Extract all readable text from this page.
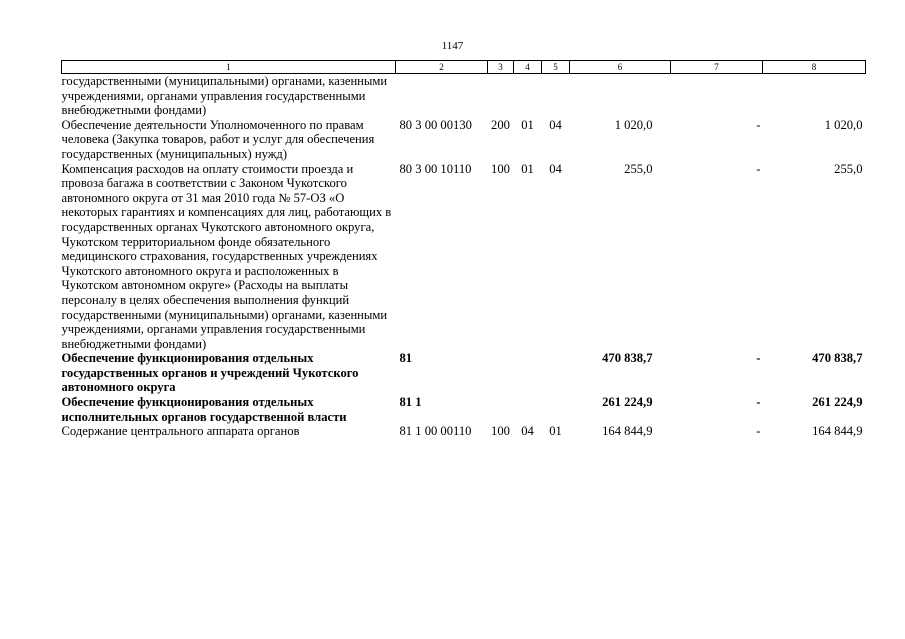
1147
1	2	3	4	5	6	7	8
государственными (муниципальными) органами, казенными учреждениями, органами управления государственными внебюджетными фондами)							
Обеспечение деятельности Уполномоченного по правам человека (Закупка товаров, работ и услуг для обеспечения государственных (муниципальных) нужд)	80 3 00 00130	200	01	04	1 020,0	-	1 020,0
Компенсация расходов на оплату стоимости проезда и провоза багажа в соответствии с Законом Чукотского автономного округа от 31 мая 2010 года № 57-ОЗ «О некоторых гарантиях и компенсациях для лиц, работающих в государственных органах Чукотского автономного округа, Чукотском территориальном фонде обязательного медицинского страхования, государственных учреждениях Чукотского автономного округа и расположенных в Чукотском автономном округе» (Расходы на выплаты персоналу в целях обеспечения выполнения функций государственными (муниципальными) органами, казенными учреждениями, органами управления государственными внебюджетными фондами)	80 3 00 10110	100	01	04	255,0	-	255,0
Обеспечение функционирования отдельных государственных органов и учреждений Чукотского автономного округа	81				470 838,7	-	470 838,7
Обеспечение функционирования отдельных исполнительных органов государственной власти	81 1				261 224,9	-	261 224,9
Содержание центрального аппарата органов	81 1 00 00110	100	04	01	164 844,9	-	164 844,9
